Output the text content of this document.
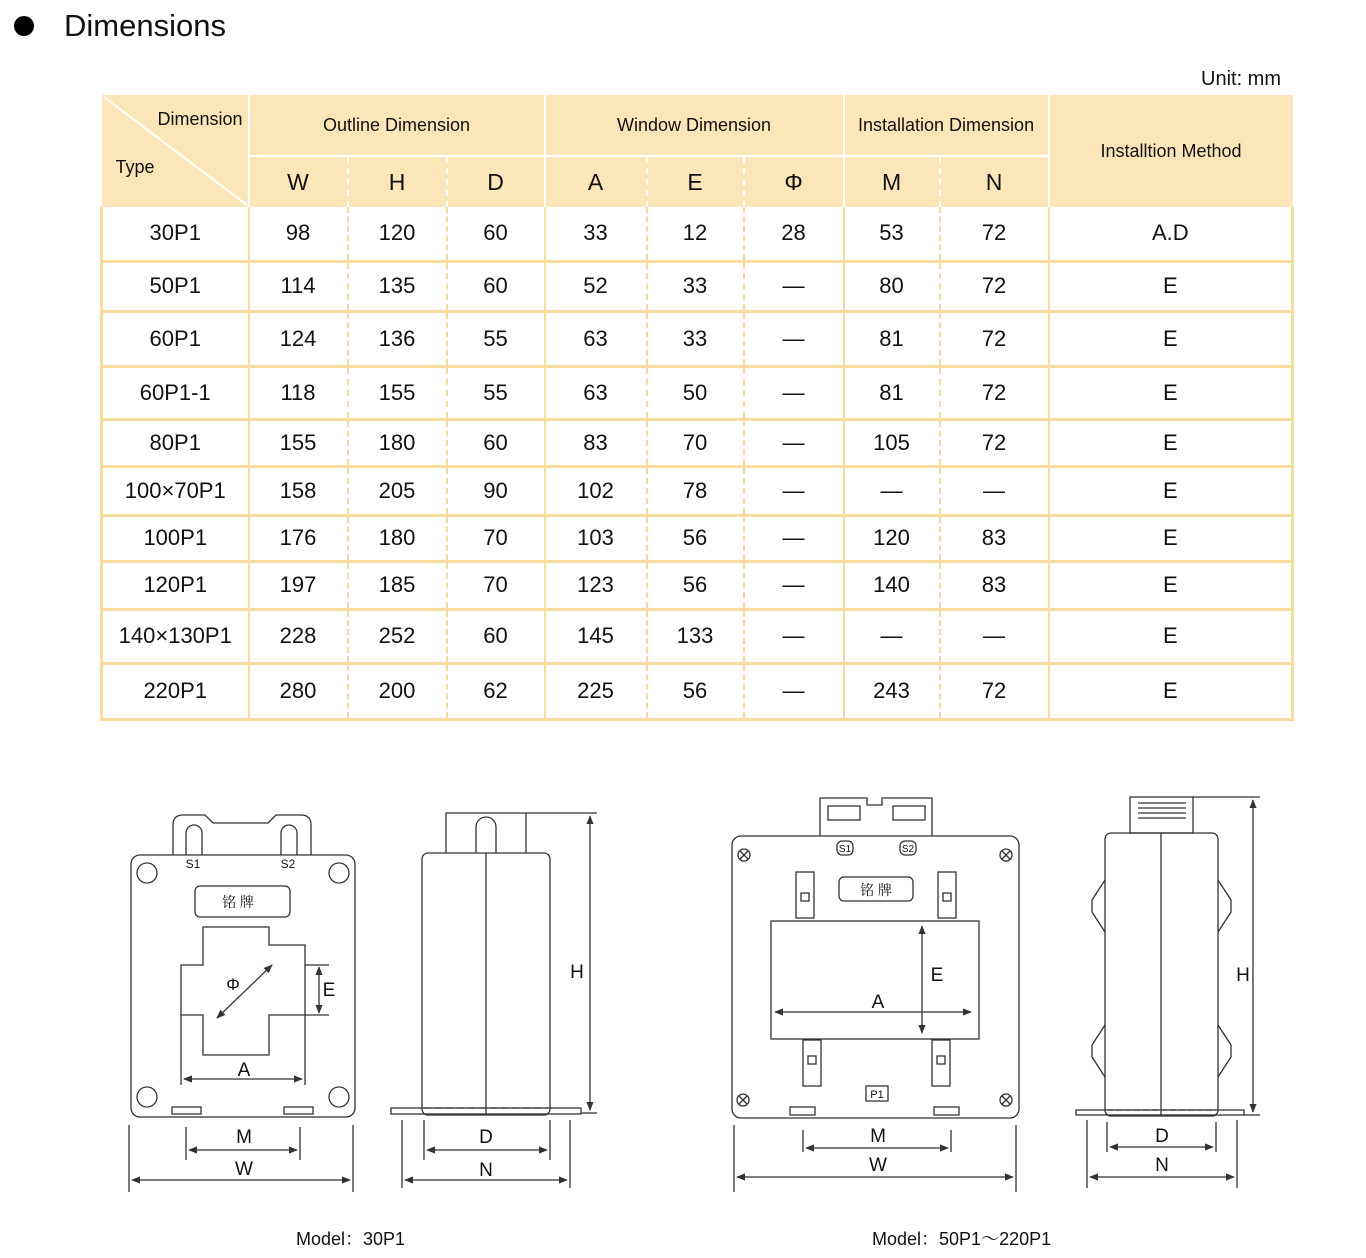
Dimensions
Unit: mm
Dimension
Type	Outline Dimension			Window Dimension			Installation Dimension		Installtion Method
	W	H	D	A	E	Φ	M	N	
30P1	98	120	60	33	12	28	53	72	A.D
50P1	114	135	60	52	33	—	80	72	E
60P1	124	136	55	63	33	—	81	72	E
60P1-1	118	155	55	63	50	—	81	72	E
80P1	155	180	60	83	70	—	105	72	E
100×70P1	158	205	90	102	78	—	—	—	E
100P1	176	180	70	103	56	—	120	83	E
120P1	197	185	70	123	56	—	140	83	E
140×130P1	228	252	60	145	133	—	—	—	E
220P1	280	200	62	225	56	—	243	72	E
S1	S2
铭 牌
Φ	E
A
M
W
H
D
N
S1	S2
铭 牌
P1
E
A
M
W
H
D
N
Model：30P1	Model：50P1～220P1
